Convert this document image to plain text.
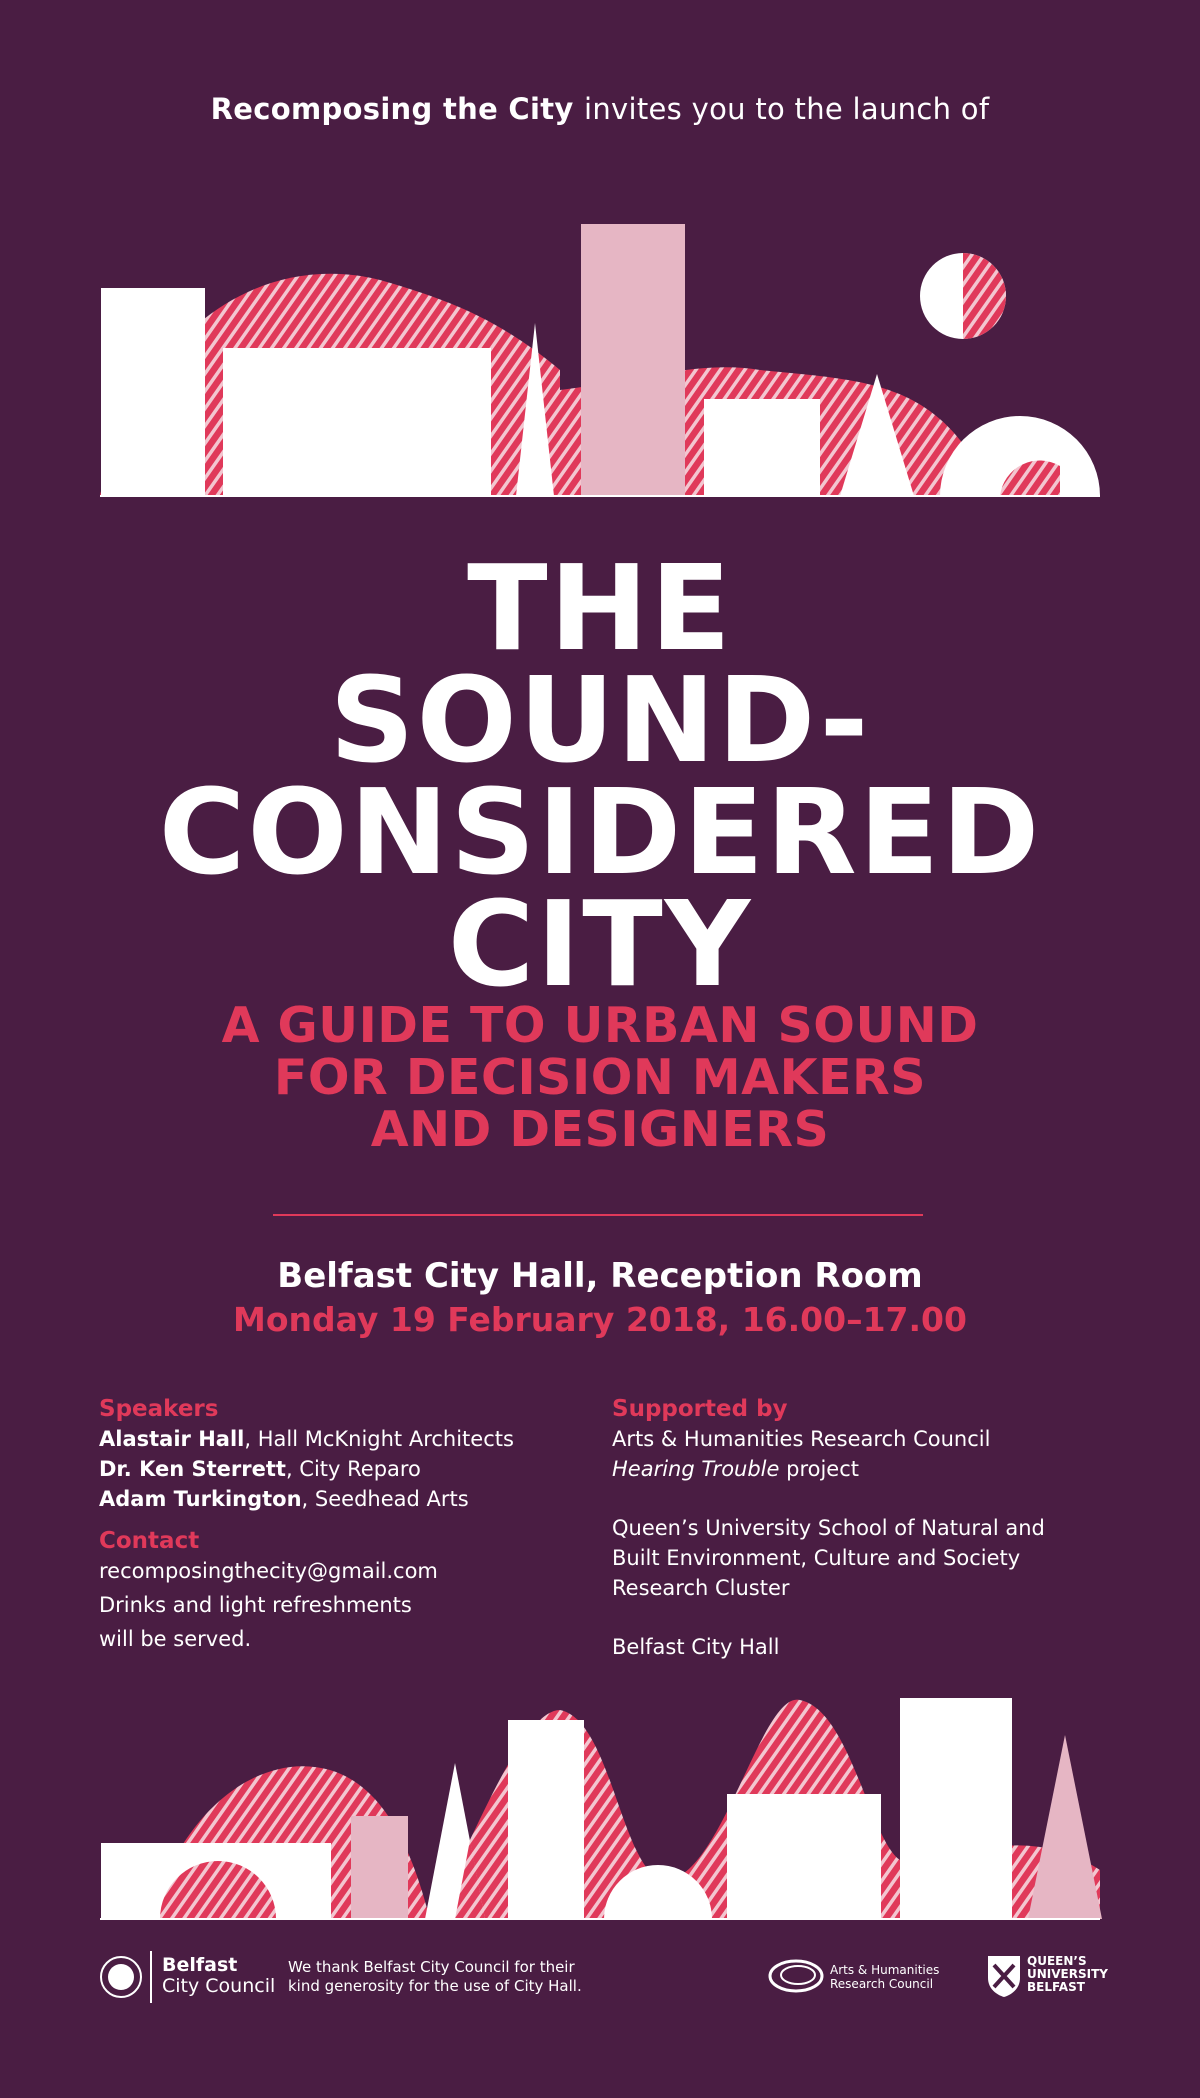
Recomposing the City invites you to the launch of
THE
SOUND-
CONSIDERED
CITY
A GUIDE TO URBAN SOUND
FOR DECISION MAKERS
AND DESIGNERS
Belfast City Hall, Reception Room
Monday 19 February 2018, 16.00–17.00
Speakers
Alastair Hall, Hall McKnight Architects
Dr. Ken Sterrett, City Reparo
Adam Turkington, Seedhead Arts
Contact
recomposingthecity@gmail.com
Drinks and light refreshments
will be served.
Supported by
Arts & Humanities Research Council
Hearing Trouble project
Queen’s University School of Natural and
Built Environment, Culture and Society
Research Cluster
Belfast City Hall
Belfast
City Council
We thank Belfast City Council for their
kind generosity for the use of City Hall.
Arts & Humanities
Research Council
QUEEN’S
UNIVERSITY
BELFAST
